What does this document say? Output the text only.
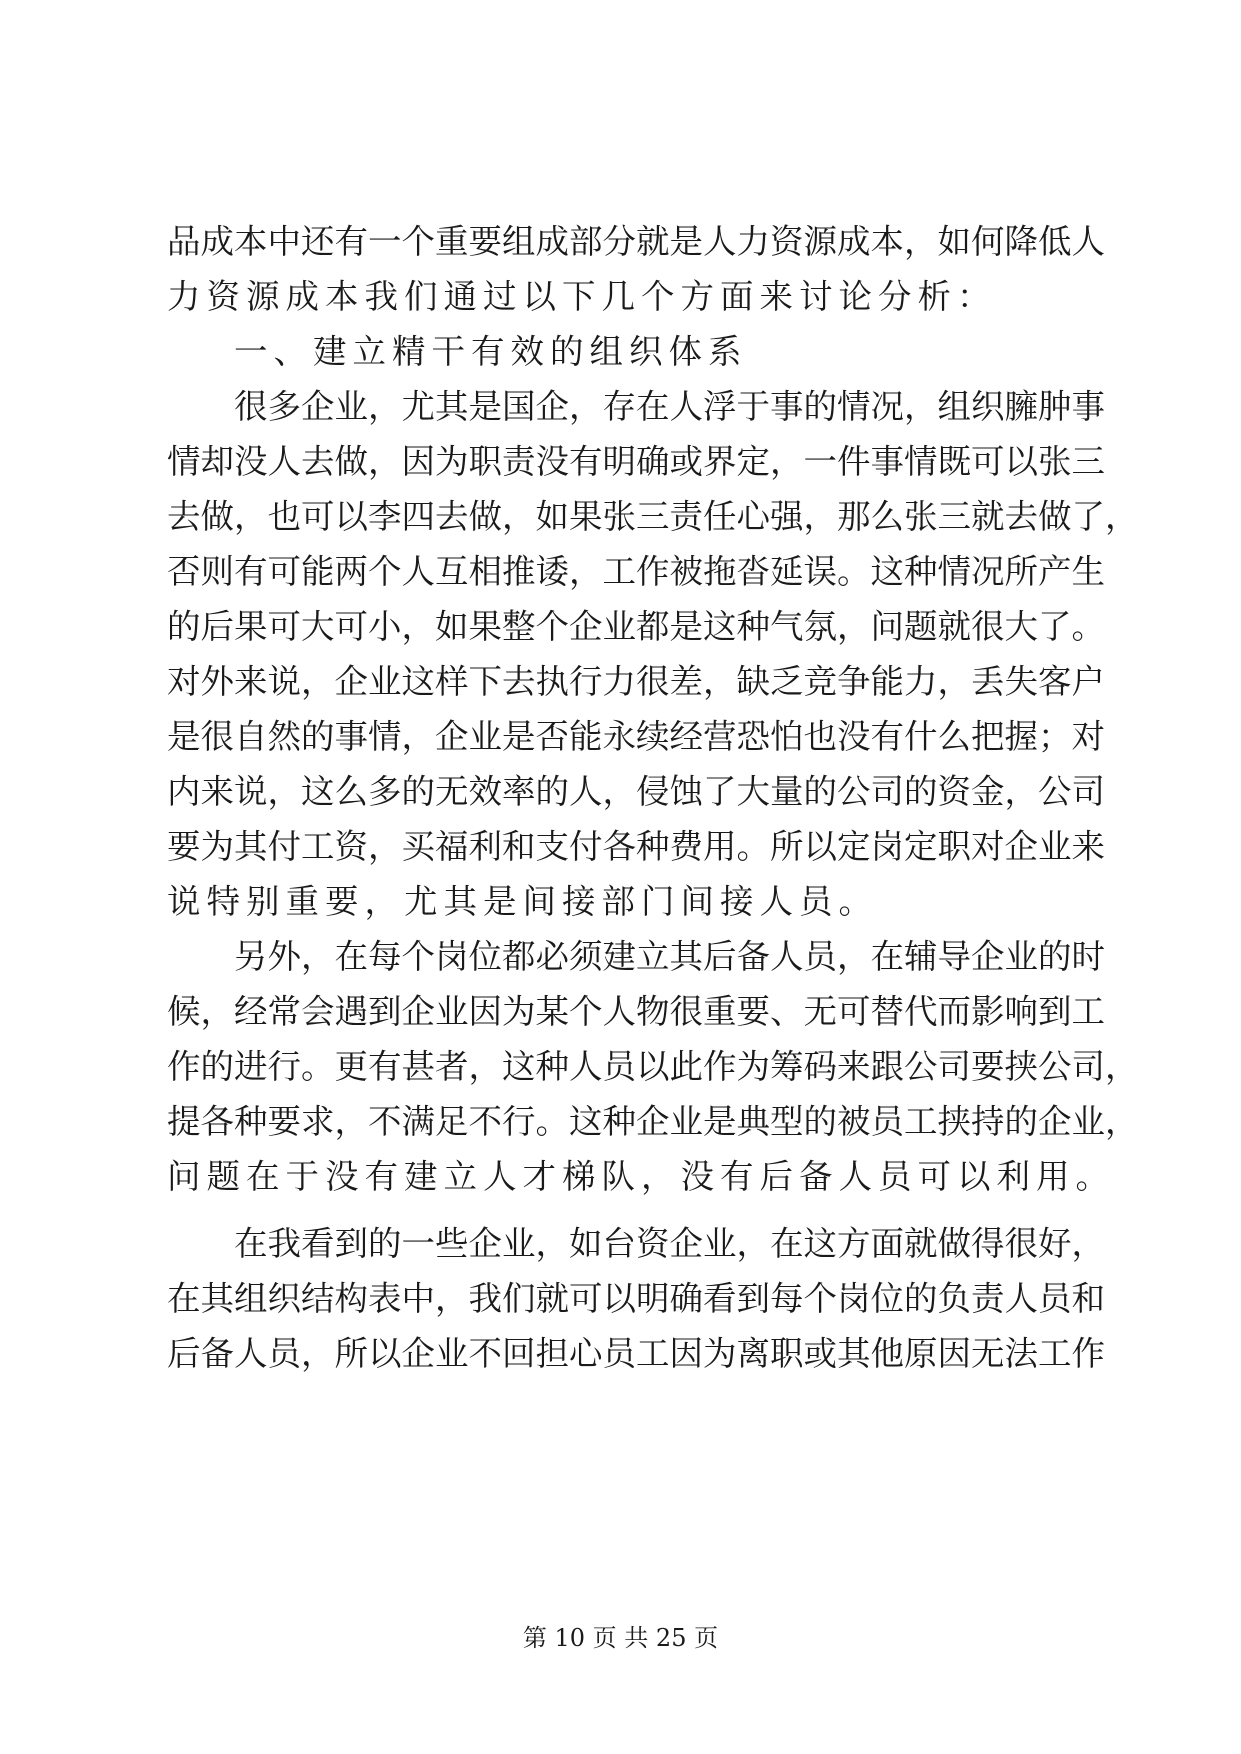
品成本中还有一个重要组成部分就是人力资源成本，如何降低人
力资源成本我们通过以下几个方面来讨论分析：
一、建立精干有效的组织体系
很多企业，尤其是国企，存在人浮于事的情况，组织臃肿事
情却没人去做，因为职责没有明确或界定，一件事情既可以张三
去做，也可以李四去做，如果张三责任心强，那么张三就去做了，
否则有可能两个人互相推诿，工作被拖沓延误。这种情况所产生
的后果可大可小，如果整个企业都是这种气氛，问题就很大了。
对外来说，企业这样下去执行力很差，缺乏竞争能力，丢失客户
是很自然的事情，企业是否能永续经营恐怕也没有什么把握；对
内来说，这么多的无效率的人，侵蚀了大量的公司的资金，公司
要为其付工资，买福利和支付各种费用。所以定岗定职对企业来
说特别重要，尤其是间接部门间接人员。
另外，在每个岗位都必须建立其后备人员，在辅导企业的时
候，经常会遇到企业因为某个人物很重要、无可替代而影响到工
作的进行。更有甚者，这种人员以此作为筹码来跟公司要挟公司，
提各种要求，不满足不行。这种企业是典型的被员工挟持的企业，
问题在于没有建立人才梯队，没有后备人员可以利用。
在我看到的一些企业，如台资企业，在这方面就做得很好，
在其组织结构表中，我们就可以明确看到每个岗位的负责人员和
后备人员，所以企业不回担心员工因为离职或其他原因无法工作
第 10 页 共 25 页
